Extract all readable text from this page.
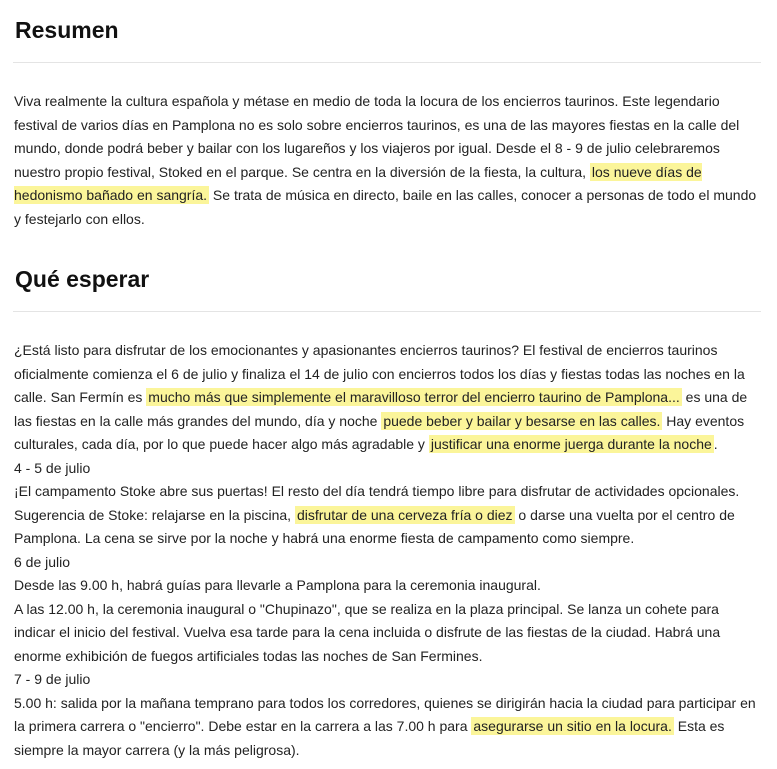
Resumen

Viva realmente la cultura española y métase en medio de toda la locura de los encierros taurinos. Este legendario festival de varios días en Pamplona no es solo sobre encierros taurinos, es una de las mayores fiestas en la calle del mundo, donde podrá beber y bailar con los lugareños y los viajeros por igual. Desde el 8 - 9 de julio celebraremos nuestro propio festival, Stoked en el parque. Se centra en la diversión de la fiesta, la cultura, los nueve días de hedonismo bañado en sangría. Se trata de música en directo, baile en las calles, conocer a personas de todo el mundo y festejarlo con ellos.

Qué esperar
¿Está listo para disfrutar de los emocionantes y apasionantes encierros taurinos? El festival de encierros taurinos oficialmente comienza el 6 de julio y finaliza el 14 de julio con encierros todos los días y fiestas todas las noches en la calle. San Fermín es mucho más que simplemente el maravilloso terror del encierro taurino de Pamplona... es una de las fiestas en la calle más grandes del mundo, día y noche puede beber y bailar y besarse en las calles. Hay eventos culturales, cada día, por lo que puede hacer algo más agradable y justificar una enorme juerga durante la noche .
4 - 5 de julio
¡El campamento Stoke abre sus puertas! El resto del día tendrá tiempo libre para disfrutar de actividades opcionales. Sugerencia de Stoke: relajarse en la piscina, disfrutar de una cerveza fría o diez o darse una vuelta por el centro de Pamplona. La cena se sirve por la noche y habrá una enorme fiesta de campamento como siempre.
6 de julio
Desde las 9.00 h, habrá guías para llevarle a Pamplona para la ceremonia inaugural.
A las 12.00 h, la ceremonia inaugural o "Chupinazo", que se realiza en la plaza principal. Se lanza un cohete para indicar el inicio del festival. Vuelva esa tarde para la cena incluida o disfrute de las fiestas de la ciudad. Habrá una enorme exhibición de fuegos artificiales todas las noches de San Fermines.
7 - 9 de julio
5.00 h: salida por la mañana temprano para todos los corredores, quienes se dirigirán hacia la ciudad para participar en la primera carrera o "encierro". Debe estar en la carrera a las 7.00 h para asegurarse un sitio en la locura. Esta es siempre la mayor carrera (y la más peligrosa).
